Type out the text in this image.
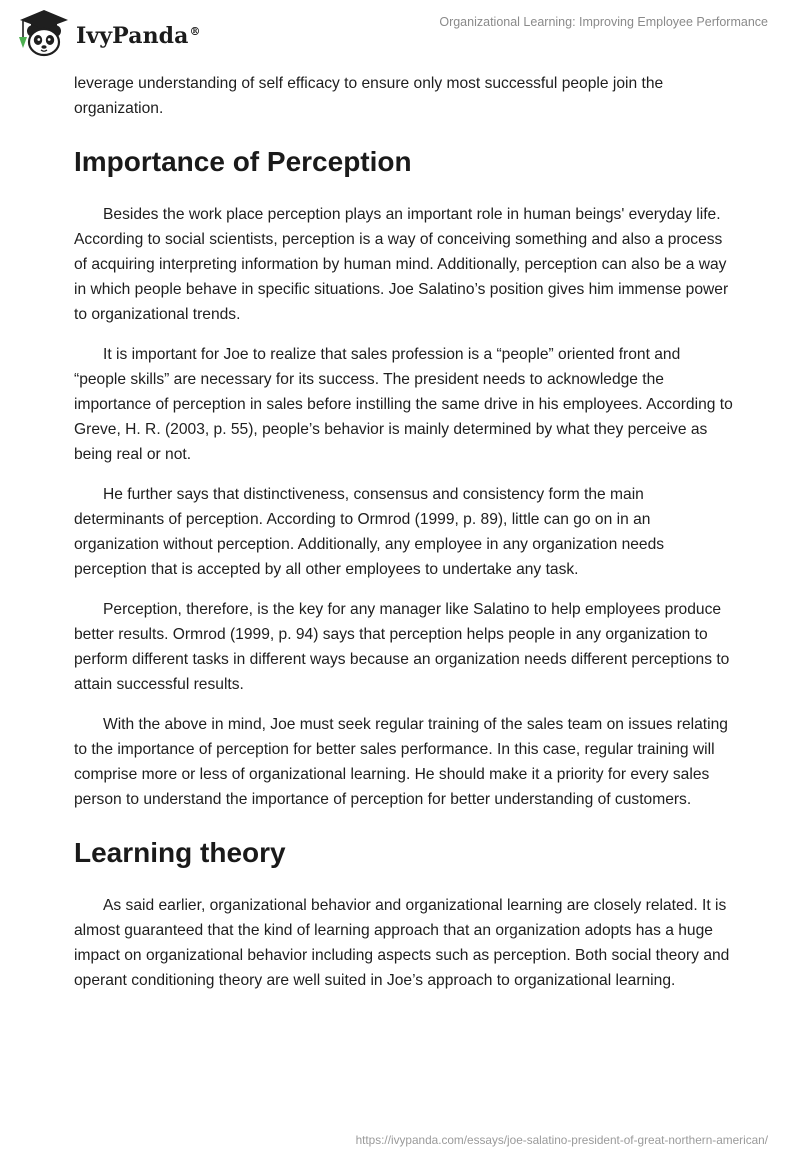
IvyPanda®
Organizational Learning: Improving Employee Performance

leverage understanding of self efficacy to ensure only most successful people join the organization.

Importance of Perception

Besides the work place perception plays an important role in human beings' everyday life. According to social scientists, perception is a way of conceiving something and also a process of acquiring interpreting information by human mind. Additionally, perception can also be a way in which people behave in specific situations. Joe Salatino’s position gives him immense power to organizational trends.

It is important for Joe to realize that sales profession is a “people” oriented front and “people skills” are necessary for its success. The president needs to acknowledge the importance of perception in sales before instilling the same drive in his employees. According to Greve, H. R. (2003, p. 55), people’s behavior is mainly determined by what they perceive as being real or not.

He further says that distinctiveness, consensus and consistency form the main determinants of perception. According to Ormrod (1999, p. 89), little can go on in an organization without perception. Additionally, any employee in any organization needs perception that is accepted by all other employees to undertake any task.

Perception, therefore, is the key for any manager like Salatino to help employees produce better results. Ormrod (1999, p. 94) says that perception helps people in any organization to perform different tasks in different ways because an organization needs different perceptions to attain successful results.

With the above in mind, Joe must seek regular training of the sales team on issues relating to the importance of perception for better sales performance. In this case, regular training will comprise more or less of organizational learning. He should make it a priority for every sales person to understand the importance of perception for better understanding of customers.

Learning theory

As said earlier, organizational behavior and organizational learning are closely related. It is almost guaranteed that the kind of learning approach that an organization adopts has a huge impact on organizational behavior including aspects such as perception. Both social theory and operant conditioning theory are well suited in Joe’s approach to organizational learning.

https://ivypanda.com/essays/joe-salatino-president-of-great-northern-american/
